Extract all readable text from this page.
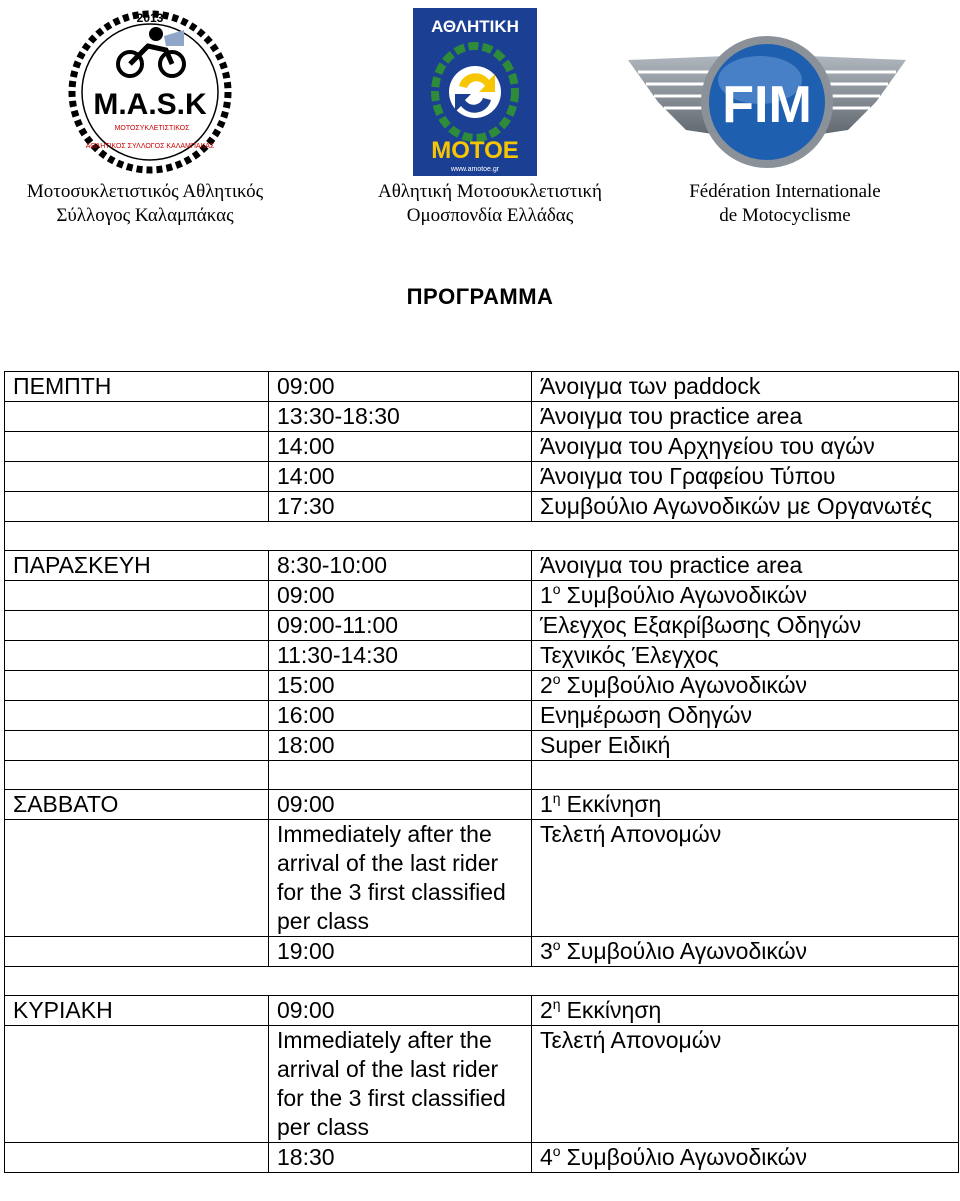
2013
M.A.S.K
ΜΟΤΟΣΥΚΛΕΤΙΣΤΙΚΟΣ
ΑΘΛΗΤΙΚΟΣ ΣΥΛΛΟΓΟΣ ΚΑΛΑΜΠΑΚΑΣ
ΑΘΛΗΤΙΚΗ
ΜΟΤΟΕ
www.amotoe.gr
FIM
Μοτοσυκλετιστικός Αθλητικός
Σύλλογος Καλαμπάκας
Αθλητική Μοτοσυκλετιστική
Ομοσπονδία Ελλάδας
Fédération Internationale
de Motocyclisme
ΠΡΟΓΡΑΜΜΑ
ΠΕΜΠΤΗ	09:00	Άνοιγμα των paddock
	13:30-18:30	Άνοιγμα του practice area
	14:00	Άνοιγμα του Αρχηγείου του αγών
	14:00	Άνοιγμα του Γραφείου Τύπου
	17:30	Συμβούλιο Αγωνοδικών με Οργανωτές

ΠΑΡΑΣΚΕΥΗ	8:30-10:00	Άνοιγμα του practice area
	09:00	$1^o$ Συμβούλιο Αγωνοδικών
	09:00-11:00	Έλεγχος Εξακρίβωσης Οδηγών
	11:30-14:30	Τεχνικός Έλεγχος
	15:00	$2^o$ Συμβούλιο Αγωνοδικών
	16:00	Ενημέρωση Οδηγών
	18:00	Super Ειδική

ΣΑΒΒΑΤΟ	09:00	$1^\eta$ Εκκίνηση
	Immediately after the arrival of the last rider for the 3 first classified per class	Τελετή Απονομών
	19:00	$3^o$ Συμβούλιο Αγωνοδικών

ΚΥΡΙΑΚΗ	09:00	$2^\eta$ Εκκίνηση
	Immediately after the arrival of the last rider for the 3 first classified per class	Τελετή Απονομών
	18:30	$4^o$ Συμβούλιο Αγωνοδικών
